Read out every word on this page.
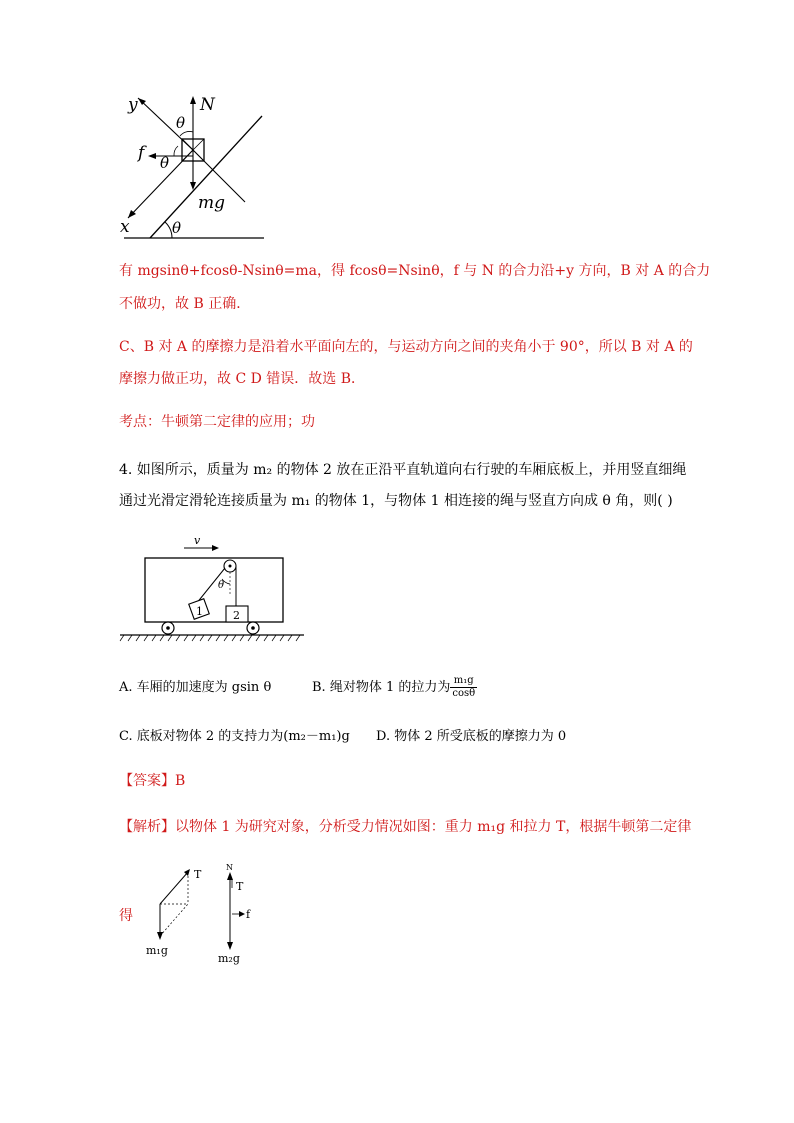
y	N
θ
f θ
mg
x	θ
有 mgsinθ+fcosθ-Nsinθ=ma，得 fcosθ=Nsinθ，f 与 N 的合力沿+y 方向，B 对 A 的合力
不做功，故 B 正确．
C、B 对 A 的摩擦力是沿着水平面向左的，与运动方向之间的夹角小于 90°，所以 B 对 A 的
摩擦力做正功，故 C D 错误．故选 B．
考点：牛顿第二定律的应用；功
4. 如图所示，质量为 m₂ 的物体 2 放在正沿平直轨道向右行驶的车厢底板上，并用竖直细绳
通过光滑定滑轮连接质量为 m₁ 的物体 1，与物体 1 相连接的绳与竖直方向成 θ 角，则( )
v
θ
1	2
A. 车厢的加速度为 gsin θ	B. 绳对物体 1 的拉力为 $\frac{\text{m₁g}}{\cos\theta}$
C. 底板对物体 2 的支持力为(m₂－m₁)g D. 物体 2 所受底板的摩擦力为 0
【答案】B
【解析】以物体 1 为研究对象，分析受力情况如图：重力 m₁g 和拉力 T，根据牛顿第二定律
得
T
m₁g
N
T
f
m₂g
